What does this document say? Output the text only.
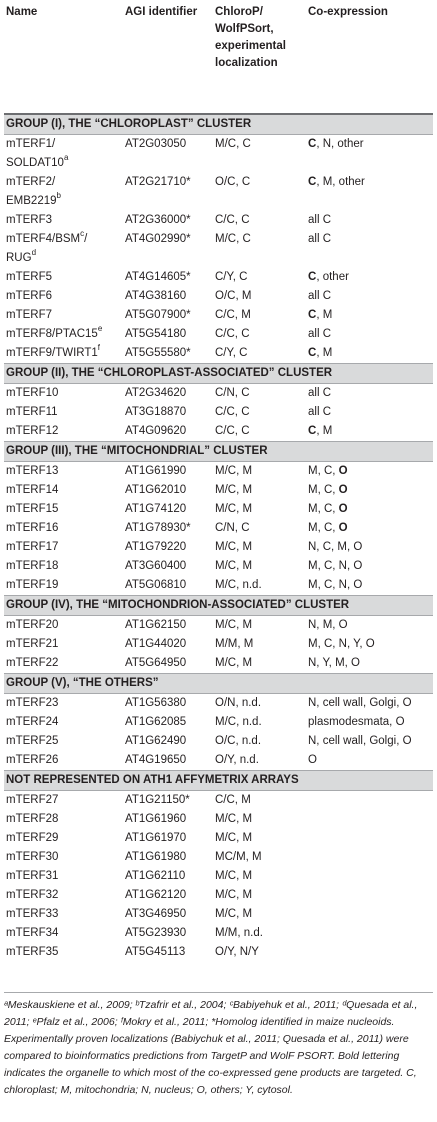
Name	AGI identifier	ChloroP/
WolfPSort,
experimental
localization	Co-expression
GROUP (I), THE “CHLOROPLAST” CLUSTER			
mTERF1/
SOLDAT10$^a$	AT2G03050	M/C, C	C, N, other
mTERF2/
EMB2219$^b$	AT2G21710*	O/C, C	C, M, other
mTERF3	AT2G36000*	C/C, C	all C
mTERF4/BSM$^c$/
RUG$^d$	AT4G02990*	M/C, C	all C
mTERF5	AT4G14605*	C/Y, C	C, other
mTERF6	AT4G38160	O/C, M	all C
mTERF7	AT5G07900*	C/C, M	C, M
mTERF8/PTAC15e	AT5G54180	C/C, C	all C
mTERF9/TWIRT1$^f$	AT5G55580*	C/Y, C	C, M
GROUP (II), THE “CHLOROPLAST-ASSOCIATED” CLUSTER			
mTERF10	AT2G34620	C/N, C	all C
mTERF11	AT3G18870	C/C, C	all C
mTERF12	AT4G09620	C/C, C	C, M
GROUP (III), THE “MITOCHONDRIAL” CLUSTER			
mTERF13	AT1G61990	M/C, M	M, C, O
mTERF14	AT1G62010	M/C, M	M, C, O
mTERF15	AT1G74120	M/C, M	M, C, O
mTERF16	AT1G78930*	C/N, C	M, C, O
mTERF17	AT1G79220	M/C, M	N, C, M, O
mTERF18	AT3G60400	M/C, M	M, C, N, O
mTERF19	AT5G06810	M/C, n.d.	M, C, N, O
GROUP (IV), THE “MITOCHONDRION-ASSOCIATED” CLUSTER			
mTERF20	AT1G62150	M/C, M	N, M, O
mTERF21	AT1G44020	M/M, M	M, C, N, Y, O
mTERF22	AT5G64950	M/C, M	N, Y, M, O
GROUP (V), “THE OTHERS”			
mTERF23	AT1G56380	O/N, n.d.	N, cell wall, Golgi, O
mTERF24	AT1G62085	M/C, n.d.	plasmodesmata, O
mTERF25	AT1G62490	O/C, n.d.	N, cell wall, Golgi, O
mTERF26	AT4G19650	O/Y, n.d.	O
NOT REPRESENTED ON ATH1 AFFYMETRIX ARRAYS			
mTERF27	AT1G21150*	C/C, M	
mTERF28	AT1G61960	M/C, M	
mTERF29	AT1G61970	M/C, M	
mTERF30	AT1G61980	MC/M, M	
mTERF31	AT1G62110	M/C, M	
mTERF32	AT1G62120	M/C, M	
mTERF33	AT3G46950	M/C, M	
mTERF34	AT5G23930	M/M, n.d.	
mTERF35	AT5G45113	O/Y, N/Y	
ᵃMeskauskiene et al., 2009; ᵇTzafrir et al., 2004; ᶜBabiyehuk et al., 2011; ᵈQuesada et al., 2011; ᵉPfalz et al., 2006; ᶠMokry et al., 2011; *Homolog identified in maize nucleoids. Experimentally proven localizations (Babiychuk et al., 2011; Quesada et al., 2011) were compared to bioinformatics predictions from TargetP and WolF PSORT. Bold lettering indicates the organelle to which most of the co-expressed gene products are targeted. C, chloroplast; M, mitochondria; N, nucleus; O, others; Y, cytosol.
